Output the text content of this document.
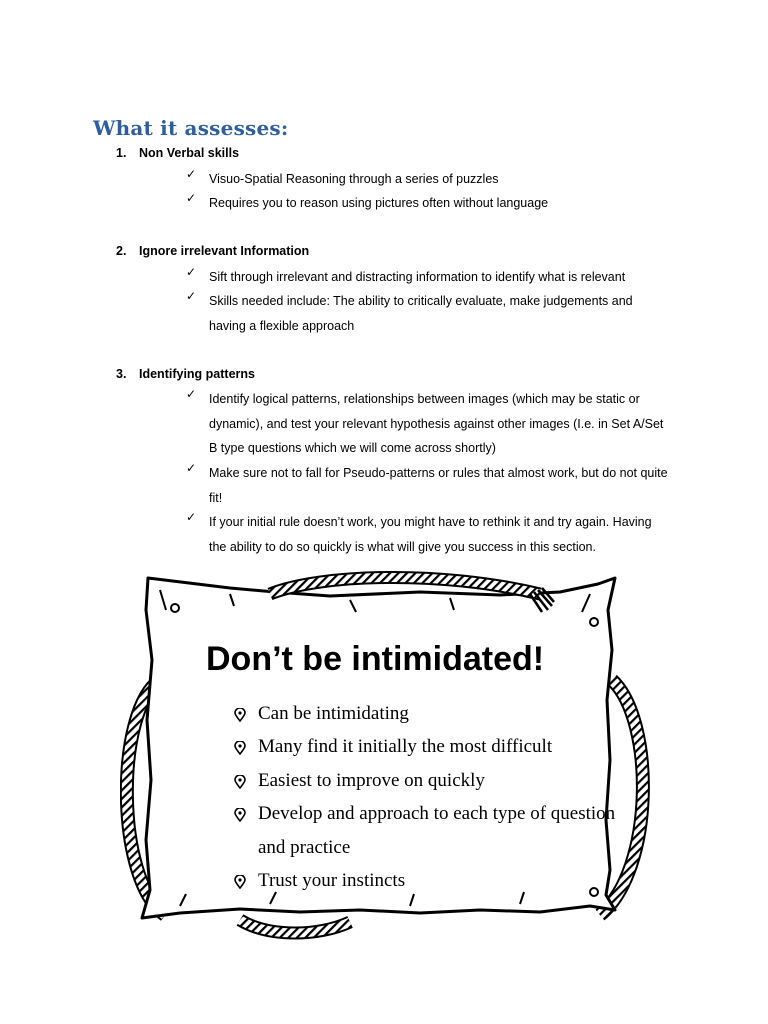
What it assesses:
1. Non Verbal skills
✓ Visuo-Spatial Reasoning through a series of puzzles
✓ Requires you to reason using pictures often without language
2. Ignore irrelevant Information
✓ Sift through irrelevant and distracting information to identify what is relevant
✓ Skills needed include: The ability to critically evaluate, make judgements and having a flexible approach
3. Identifying patterns
✓ Identify logical patterns, relationships between images (which may be static or dynamic), and test your relevant hypothesis against other images (I.e. in Set A/Set B type questions which we will come across shortly)
✓ Make sure not to fall for Pseudo-patterns or rules that almost work, but do not quite fit!
✓ If your initial rule doesn’t work, you might have to rethink it and try again. Having the ability to do so quickly is what will give you success in this section.
Don’t be intimidated!
Can be intimidating
Many find it initially the most difficult
Easiest to improve on quickly
Develop and approach to each type of question and practice
Trust your instincts
